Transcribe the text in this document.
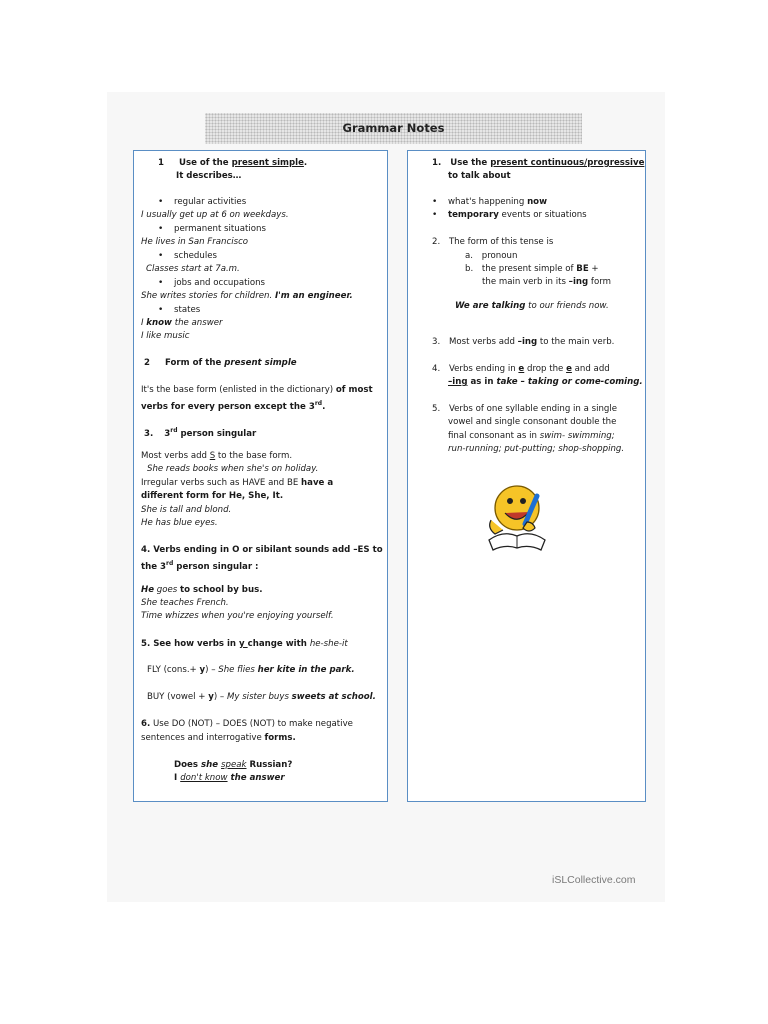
Grammar Notes
1 Use of the present simple.
It describes…
• regular activities
I usually get up at 6 on weekdays.
• permanent situations
He lives in San Francisco
• schedules
Classes start at 7a.m.
• jobs and occupations
She writes stories for children. I'm an engineer.
• states
I know the answer
I like music
2 Form of the present simple
It's the base form (enlisted in the dictionary) of most
verbs for every person except the 3rd.
3. 3rd person singular
Most verbs add S to the base form.
She reads books when she's on holiday.
Irregular verbs such as HAVE and BE have a
different form for He, She, It.
She is tall and blond.
He has blue eyes.
4. Verbs ending in O or sibilant sounds add –ES to
the 3rd person singular :
He goes to school by bus.
She teaches French.
Time whizzes when you're enjoying yourself.
5. See how verbs in y change with he-she-it
FLY (cons.+ y) – She flies her kite in the park.
BUY (vowel + y) – My sister buys sweets at school.
6. Use DO (NOT) – DOES (NOT) to make negative
sentences and interrogative forms.
Does she speak Russian?
I don't know the answer
1. Use the present continuous/progressive
to talk about
• what's happening now
• temporary events or situations
2. The form of this tense is
a. pronoun
b. the present simple of BE +
the main verb in its –ing form
We are talking to our friends now.
3. Most verbs add –ing to the main verb.
4. Verbs ending in e drop the e and add
–ing as in take – taking or come-coming.
5. Verbs of one syllable ending in a single
vowel and single consonant double the
final consonant as in swim- swimming;
run-running; put-putting; shop-shopping.
iSLCollective.com
